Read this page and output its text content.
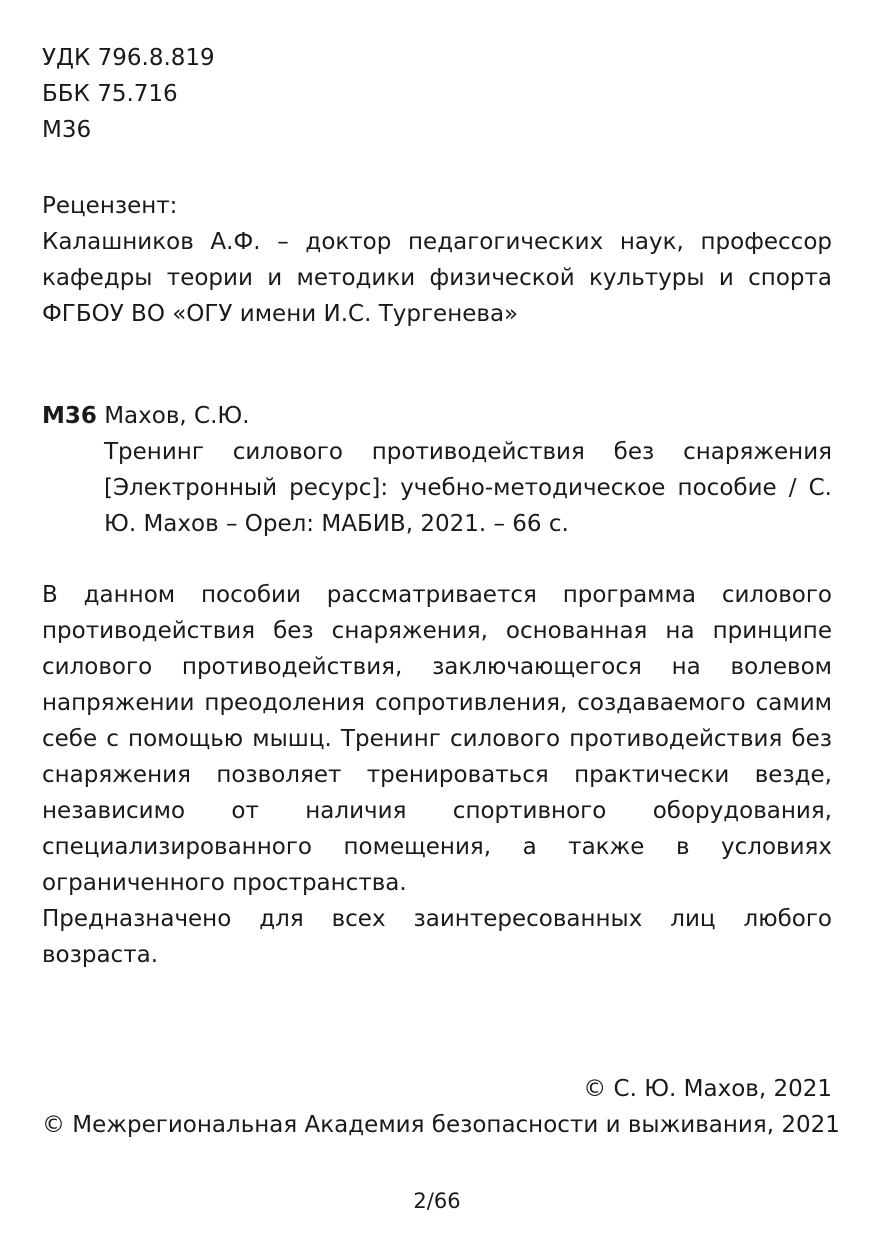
УДК 796.8.819
ББК 75.716
М36
Рецензент:
Калашников А.Ф. – доктор педагогических наук, профессор кафедры теории и методики физической культуры и спорта ФГБОУ ВО «ОГУ имени И.С. Тургенева»
М36 Махов, С.Ю.
Тренинг силового противодействия без снаряжения [Электронный ресурс]: учебно-методическое пособие / С. Ю. Махов – Орел: МАБИВ, 2021. – 66 с.

В данном пособии рассматривается программа силового противодействия без снаряжения, основанная на принципе силового противодействия, заключающегося на волевом напряжении преодоления сопротивления, создаваемого самим себе с помощью мышц. Тренинг силового противодействия без снаряжения позволяет тренироваться практически везде, независимо от наличия спортивного оборудования, специализированного помещения, а также в условиях ограниченного пространства.

Предназначено для всех заинтересованных лиц любого возраста.

© С. Ю. Махов, 2021
© Межрегиональная Академия безопасности и выживания, 2021
2/66
